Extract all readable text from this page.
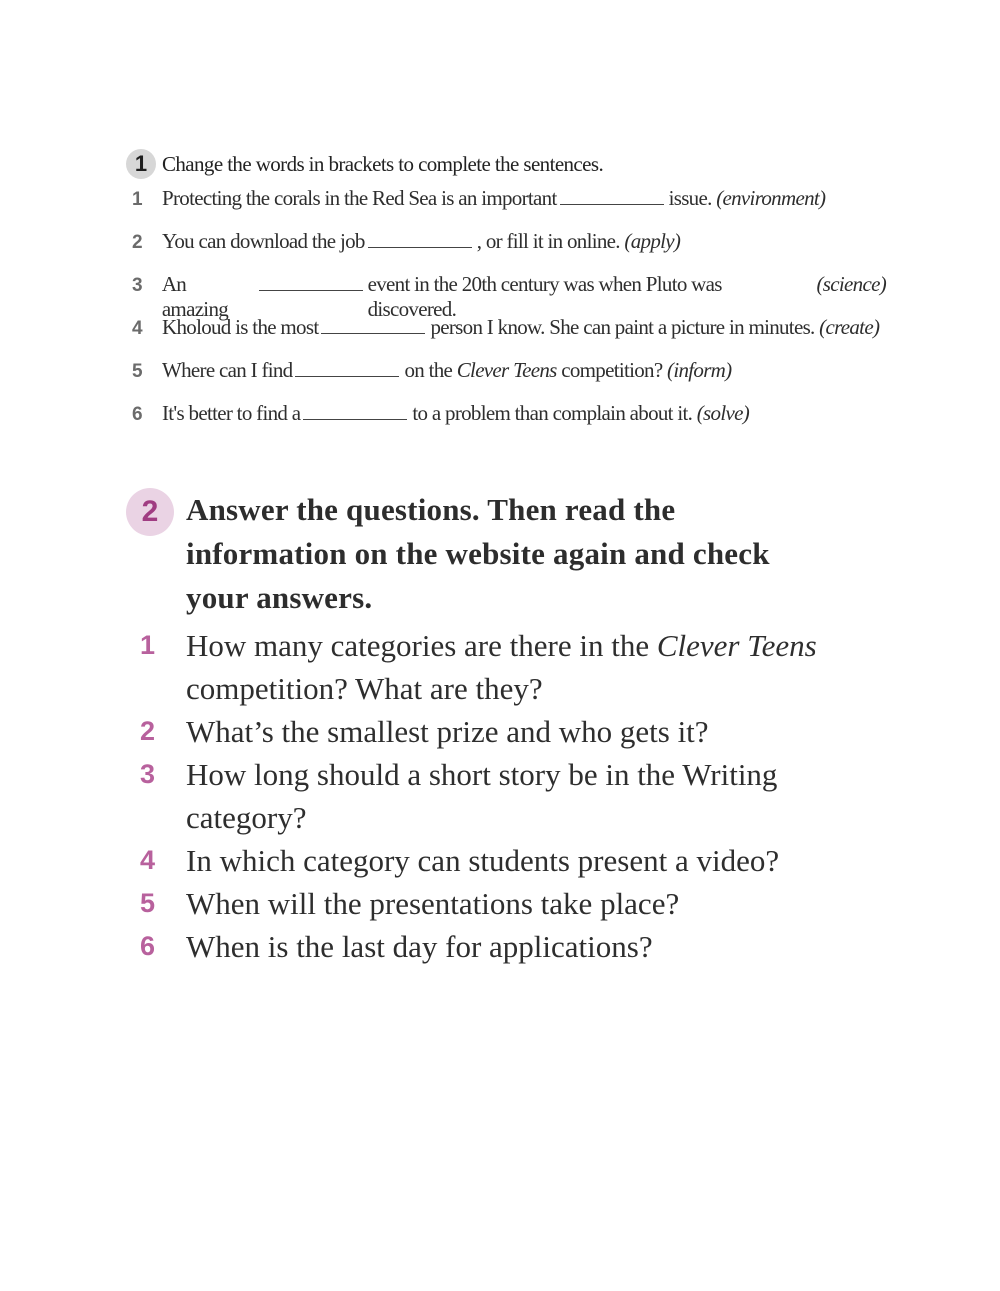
1 Change the words in brackets to complete the sentences.
1 Protecting the corals in the Red Sea is an important	issue.
(environment)
2 You can download the job	, or fill it in online.
(apply)
3 An amazing
event in the 20th century was when Pluto was discovered.

(science)
4 Kholoud is the most	person I know. She can paint a picture in minutes.
(create)
5 Where can I find	on the
Clever Teens
competition?
(inform)
6 It's better to find a	to a problem than complain about it.
(solve)
2 Answer the questions. Then read the information on the website again and check your answers.
1 How many categories are there in the Clever Teens competition? What are they?
2 What’s the smallest prize and who gets it?
3 How long should a short story be in the Writing category?
4 In which category can students present a video?
5 When will the presentations take place?
6 When is the last day for applications?
